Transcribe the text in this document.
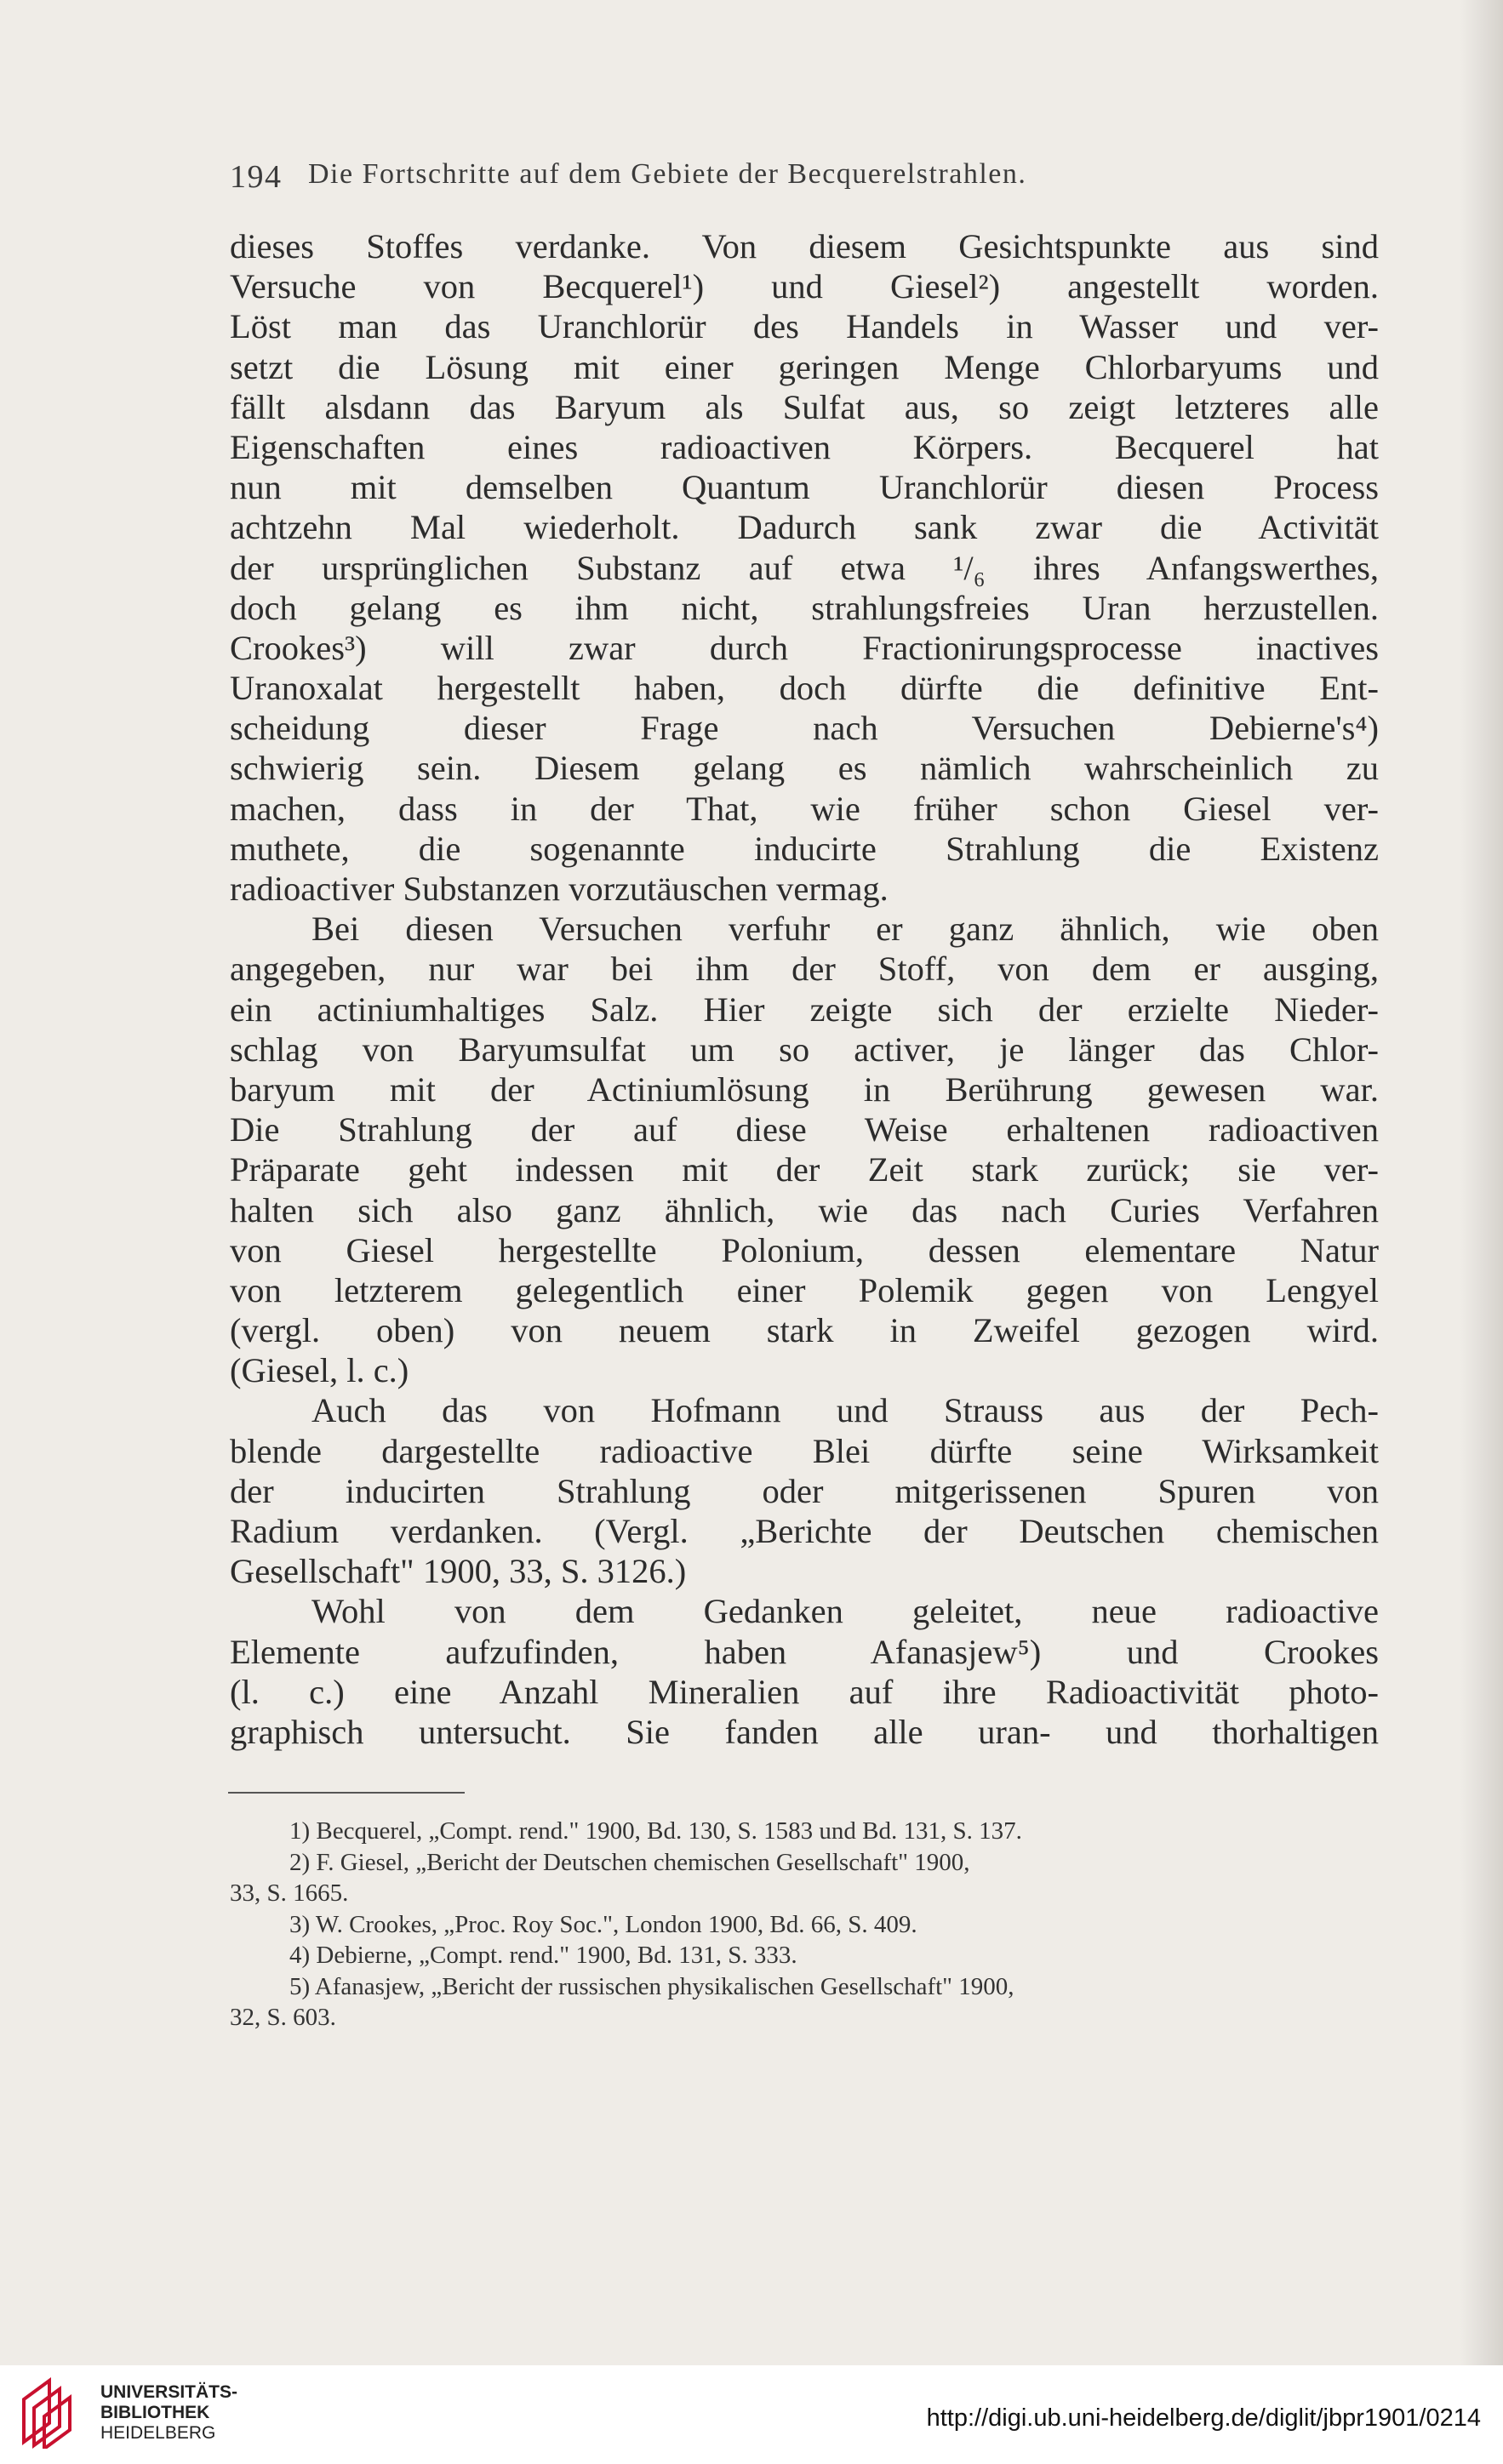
194 Die Fortschritte auf dem Gebiete der Becquerelstrahlen.
dieses Stoffes verdanke. Von diesem Gesichtspunkte aus sind
Versuche von Becquerel¹) und Giesel²) angestellt worden.
Löst man das Uranchlorür des Handels in Wasser und ver-
setzt die Lösung mit einer geringen Menge Chlorbaryums und
fällt alsdann das Baryum als Sulfat aus, so zeigt letzteres alle
Eigenschaften eines radioactiven Körpers. Becquerel hat
nun mit demselben Quantum Uranchlorür diesen Process
achtzehn Mal wiederholt. Dadurch sank zwar die Activität
der ursprünglichen Substanz auf etwa ¹/₆ ihres Anfangswerthes,
doch gelang es ihm nicht, strahlungsfreies Uran herzustellen.
Crookes³) will zwar durch Fractionirungsprocesse inactives
Uranoxalat hergestellt haben, doch dürfte die definitive Ent-
scheidung dieser Frage nach Versuchen Debierne's⁴)
schwierig sein. Diesem gelang es nämlich wahrscheinlich zu
machen, dass in der That, wie früher schon Giesel ver-
muthete, die sogenannte inducirte Strahlung die Existenz
radioactiver Substanzen vorzutäuschen vermag.
Bei diesen Versuchen verfuhr er ganz ähnlich, wie oben
angegeben, nur war bei ihm der Stoff, von dem er ausging,
ein actiniumhaltiges Salz. Hier zeigte sich der erzielte Nieder-
schlag von Baryumsulfat um so activer, je länger das Chlor-
baryum mit der Actiniumlösung in Berührung gewesen war.
Die Strahlung der auf diese Weise erhaltenen radioactiven
Präparate geht indessen mit der Zeit stark zurück; sie ver-
halten sich also ganz ähnlich, wie das nach Curies Verfahren
von Giesel hergestellte Polonium, dessen elementare Natur
von letzterem gelegentlich einer Polemik gegen von Lengyel
(vergl. oben) von neuem stark in Zweifel gezogen wird.
(Giesel, l. c.)
Auch das von Hofmann und Strauss aus der Pech-
blende dargestellte radioactive Blei dürfte seine Wirksamkeit
der inducirten Strahlung oder mitgerissenen Spuren von
Radium verdanken. (Vergl. „Berichte der Deutschen chemischen
Gesellschaft" 1900, 33, S. 3126.)
Wohl von dem Gedanken geleitet, neue radioactive
Elemente aufzufinden, haben Afanasjew⁵) und Crookes
(l. c.) eine Anzahl Mineralien auf ihre Radioactivität photo-
graphisch untersucht. Sie fanden alle uran- und thorhaltigen
1) Becquerel, „Compt. rend." 1900, Bd. 130, S. 1583 und Bd. 131, S. 137.
2) F. Giesel, „Bericht der Deutschen chemischen Gesellschaft" 1900,
33, S. 1665.
3) W. Crookes, „Proc. Roy Soc.", London 1900, Bd. 66, S. 409.
4) Debierne, „Compt. rend." 1900, Bd. 131, S. 333.
5) Afanasjew, „Bericht der russischen physikalischen Gesellschaft" 1900,
32, S. 603.
UNIVERSITÄTS-
BIBLIOTHEK
HEIDELBERG
http://digi.ub.uni-heidelberg.de/diglit/jbpr1901/0214
